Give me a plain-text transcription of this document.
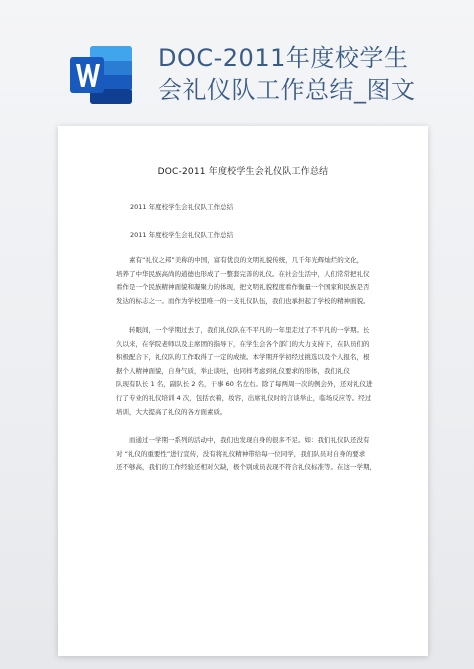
DOC-2011年度校学生
会礼仪队工作总结_图文
DOC-2011 年度校学生会礼仪队工作总结
2011 年度校学生会礼仪队工作总结
2011 年度校学生会礼仪队工作总结
素有“礼仪之邦”美称的中国，富有优良的文明礼貌传统，几千年光辉灿烂的文化，
培养了中华民族高尚的道德也形成了一整套完善的礼仪。在社会生活中，人们常常把礼仪
看作是一个民族精神面貌和凝聚力的体现，把文明礼貌程度看作衡量一个国家和民族是否
发达的标志之一。而作为学校里唯一的一支礼仪队伍，我们也承担起了学校的精神面貌。
转眼间，一个学期过去了，我们礼仪队在不平凡的一年里走过了不平凡的一学期。长
久以来，在学院老师以及主席团的指导下，在学生会各个部门的大力支持下，在队员们的
积极配合下，礼仪队的工作取得了一定的成绩。本学期开学初经过挑选以及个人报名，根
据个人精神面貌，自身气质，举止谈吐，也同样考虑到礼仪要求的形体，我们礼仪
队现有队长 1 名，副队长 2 名，干事 60 名左右。除了每两周一次的例会外，还对礼仪进
行了专业的礼仪培训 4 次，包括衣着，妆容，出席礼仪时的言谈举止，临场反应等。经过
培训，大大提高了礼仪的各方面素质。
而通过一学期一系列的活动中，我们也发现自身的很多不足。如：我们礼仪队还没有
对 “礼仪的重要性”进行宣传，没有将礼仪精神带给每一位同学，我们队员对自身的要求
还不够高，我们的工作经验还相对欠缺，极个别成员表现不符合礼仪标准等。在这一学期，
